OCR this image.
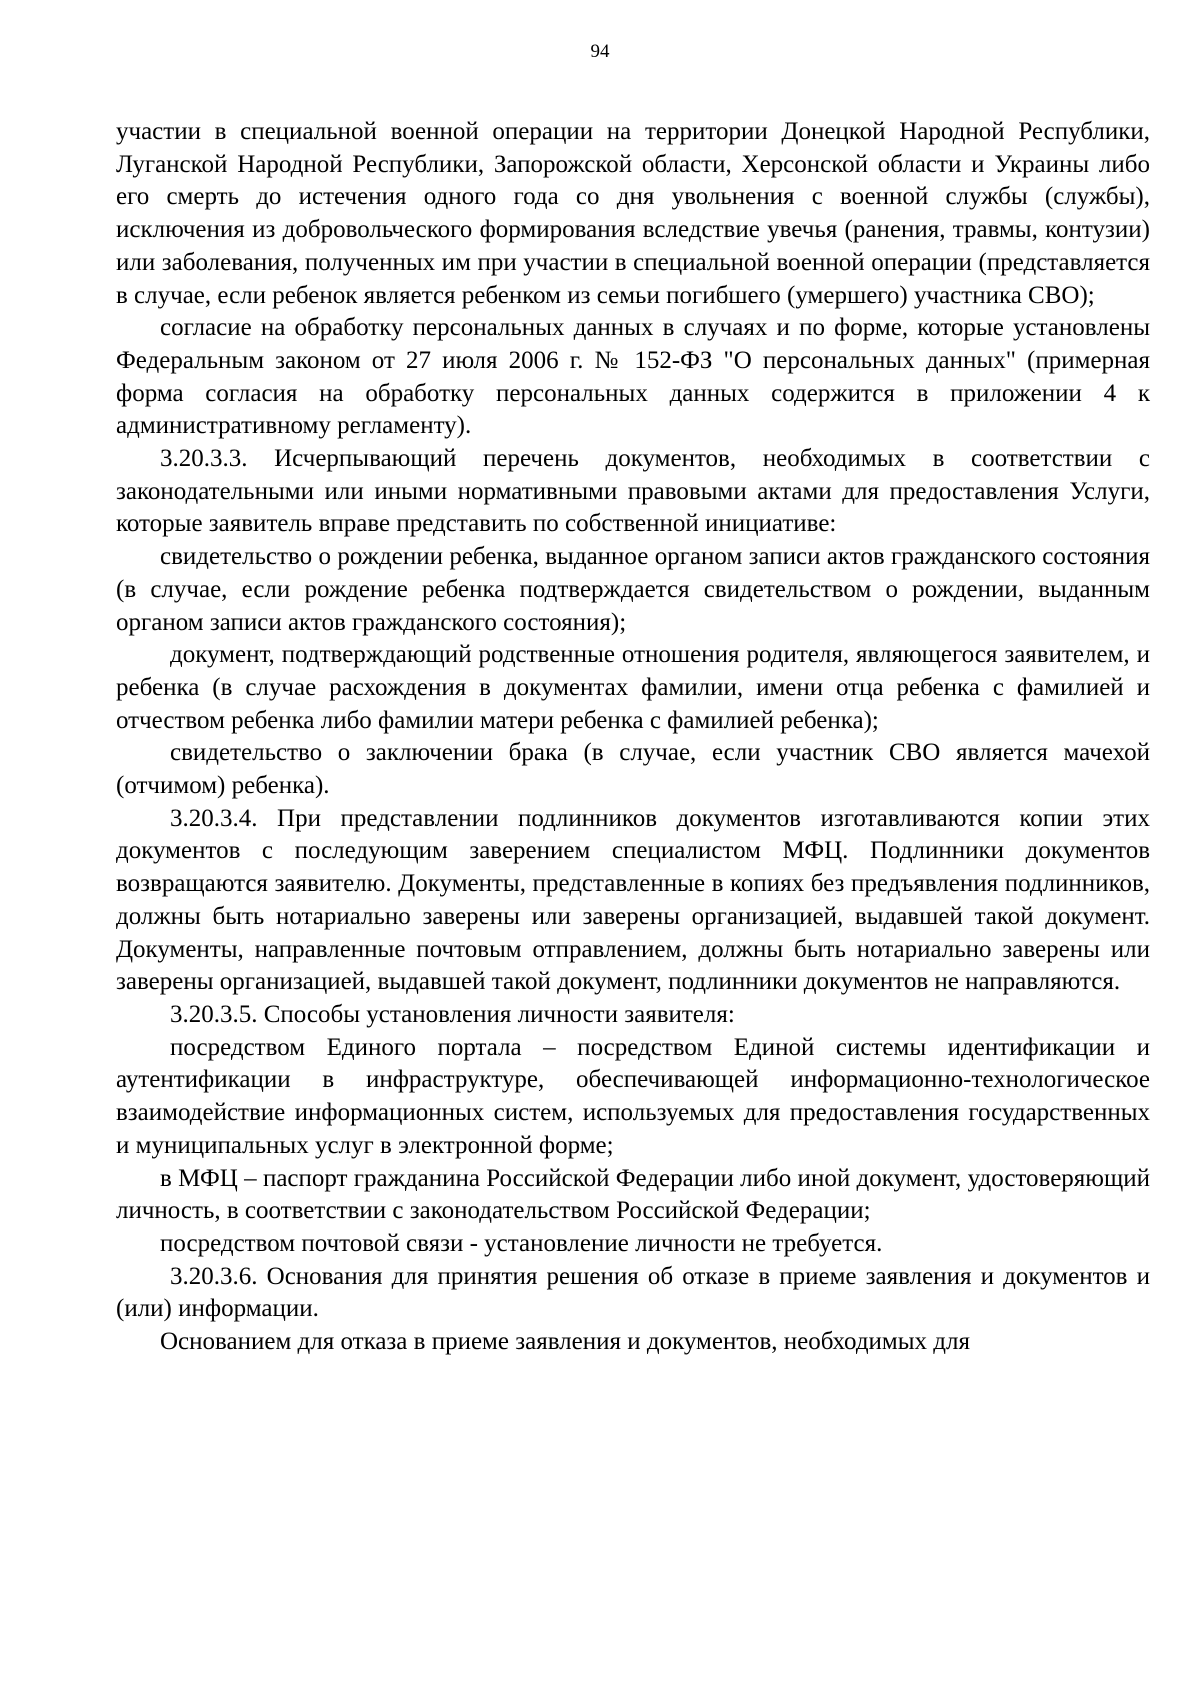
94

участии в специальной военной операции на территории Донецкой Народной Республики, Луганской Народной Республики, Запорожской области, Херсонской области и Украины либо его смерть до истечения одного года со дня увольнения с военной службы (службы), исключения из добровольческого формирования вследствие увечья (ранения, травмы, контузии) или заболевания, полученных им при участии в специальной военной операции (представляется в случае, если ребенок является ребенком из семьи погибшего (умершего) участника СВО);

согласие на обработку персональных данных в случаях и по форме, которые установлены Федеральным законом от 27 июля 2006 г. № 152-ФЗ "О персональных данных" (примерная форма согласия на обработку персональных данных содержится в приложении 4 к административному регламенту).

3.20.3.3. Исчерпывающий перечень документов, необходимых в соответствии с законодательными или иными нормативными правовыми актами для предоставления Услуги, которые заявитель вправе представить по собственной инициативе:

свидетельство о рождении ребенка, выданное органом записи актов гражданского состояния (в случае, если рождение ребенка подтверждается свидетельством о рождении, выданным органом записи актов гражданского состояния);

документ, подтверждающий родственные отношения родителя, являющегося заявителем, и ребенка (в случае расхождения в документах фамилии, имени отца ребенка с фамилией и отчеством ребенка либо фамилии матери ребенка с фамилией ребенка);

свидетельство о заключении брака (в случае, если участник СВО является мачехой (отчимом) ребенка).

3.20.3.4. При представлении подлинников документов изготавливаются копии этих документов с последующим заверением специалистом МФЦ. Подлинники документов возвращаются заявителю. Документы, представленные в копиях без предъявления подлинников, должны быть нотариально заверены или заверены организацией, выдавшей такой документ. Документы, направленные почтовым отправлением, должны быть нотариально заверены или заверены организацией, выдавшей такой документ, подлинники документов не направляются.

3.20.3.5. Способы установления личности заявителя:

посредством Единого портала – посредством Единой системы идентификации и аутентификации в инфраструктуре, обеспечивающей информационно-технологическое взаимодействие информационных систем, используемых для предоставления государственных и муниципальных услуг в электронной форме;

в МФЦ – паспорт гражданина Российской Федерации либо иной документ, удостоверяющий личность, в соответствии с законодательством Российской Федерации;

посредством почтовой связи - установление личности не требуется.

3.20.3.6. Основания для принятия решения об отказе в приеме заявления и документов и (или) информации.

Основанием для отказа в приеме заявления и документов, необходимых для
